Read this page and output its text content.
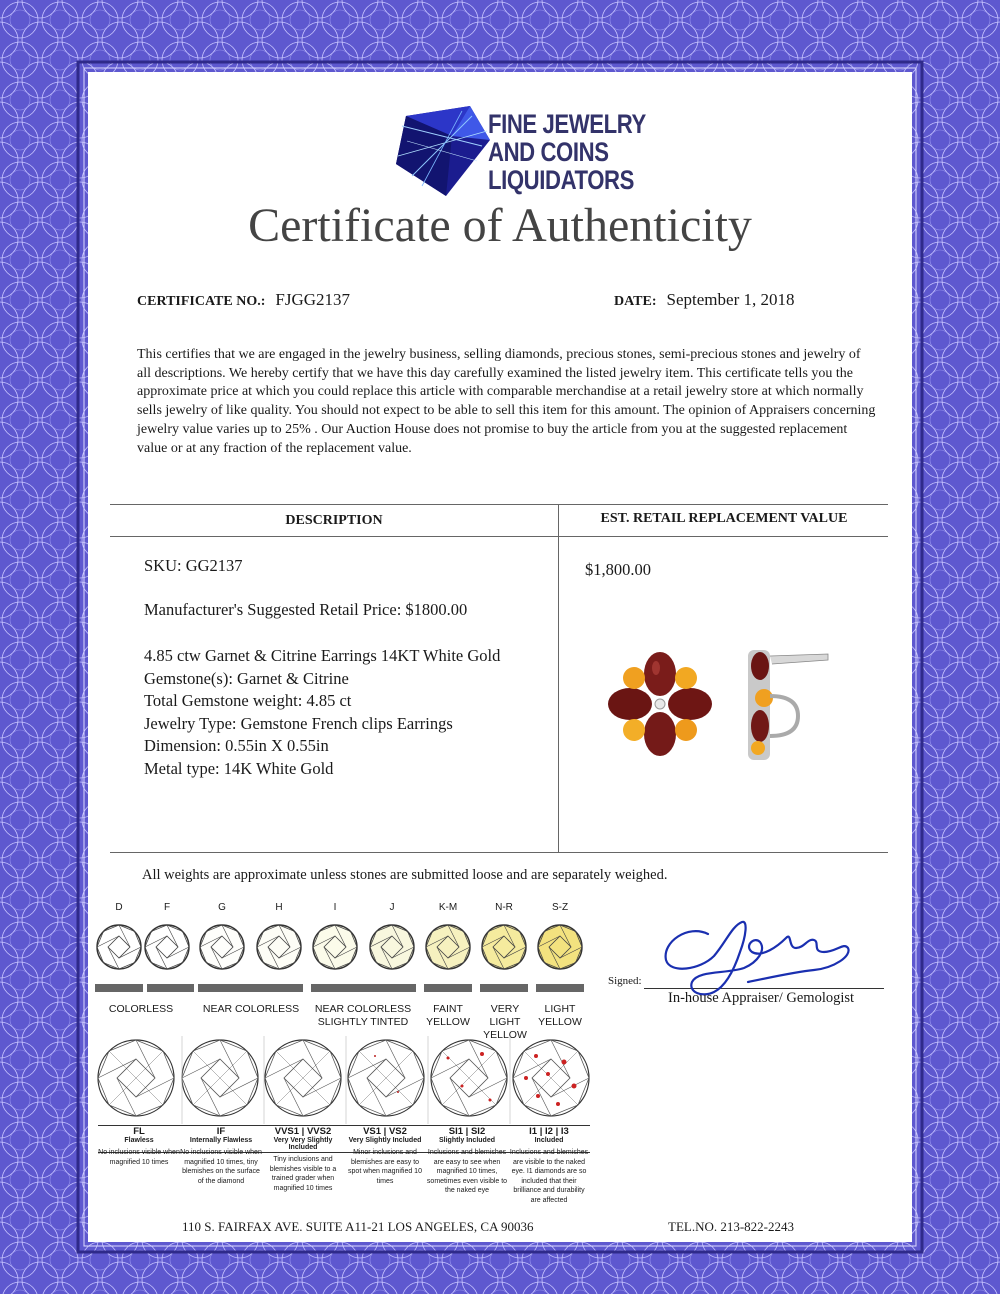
FINE JEWELRY
AND COINS
LIQUIDATORS
Certificate of Authenticity
CERTIFICATE NO.: FJGG2137	DATE: September 1, 2018
This certifies that we are engaged in the jewelry business, selling diamonds, precious stones, semi-precious stones and jewelry of all descriptions. We hereby certify that we have this day carefully examined the listed jewelry item. This certificate tells you the approximate price at which you could replace this article with comparable merchandise at a retail jewelry store at which normally sells jewelry of like quality. You should not expect to be able to sell this item for this amount. The opinion of Appraisers concerning jewelry value varies up to 25% . Our Auction House does not promise to buy the article from you at the suggested replacement value or at any fraction of the replacement value.
DESCRIPTION	EST. RETAIL REPLACEMENT VALUE
SKU: GG2137
Manufacturer's Suggested Retail Price: $1800.00
4.85 ctw Garnet & Citrine Earrings 14KT White Gold
Gemstone(s): Garnet & Citrine
Total Gemstone weight: 4.85 ct
Jewelry Type: Gemstone French clips Earrings
Dimension: 0.55in X 0.55in
Metal type: 14K White Gold
$1,800.00
All weights are approximate unless stones are submitted loose and are separately weighed.
D	F	G	H	I	J	K-M	N-R	S-Z
COLORLESS	NEAR COLORLESS	NEAR COLORLESS
SLIGHTLY TINTED
FAINT
YELLOW
VERY LIGHT
YELLOW
LIGHT
YELLOW
FL
Flawless
No inclusions visible when magnified 10 times
IF
Internally Flawless
No inclusions visible when magnified 10 times, tiny blemishes on the surface of the diamond
VVS1 | VVS2
Very Very Slightly Included
Tiny inclusions and blemishes visible to a trained grader when magnified 10 times
VS1 | VS2
Very Slightly Included
Minor inclusions and blemishes are easy to spot when magnified 10 times
SI1 | SI2
Slightly Included
Inclusions and blemishes are easy to see when magnified 10 times, sometimes even visible to the naked eye
I1 | I2 | I3
Included
Inclusions and blemishes are visible to the naked eye. I1 diamonds are so included that their brilliance and durability are affected
Signed:
In-house Appraiser/ Gemologist
110 S. FAIRFAX AVE. SUITE A11-21 LOS ANGELES, CA 90036	TEL.NO. 213-822-2243
